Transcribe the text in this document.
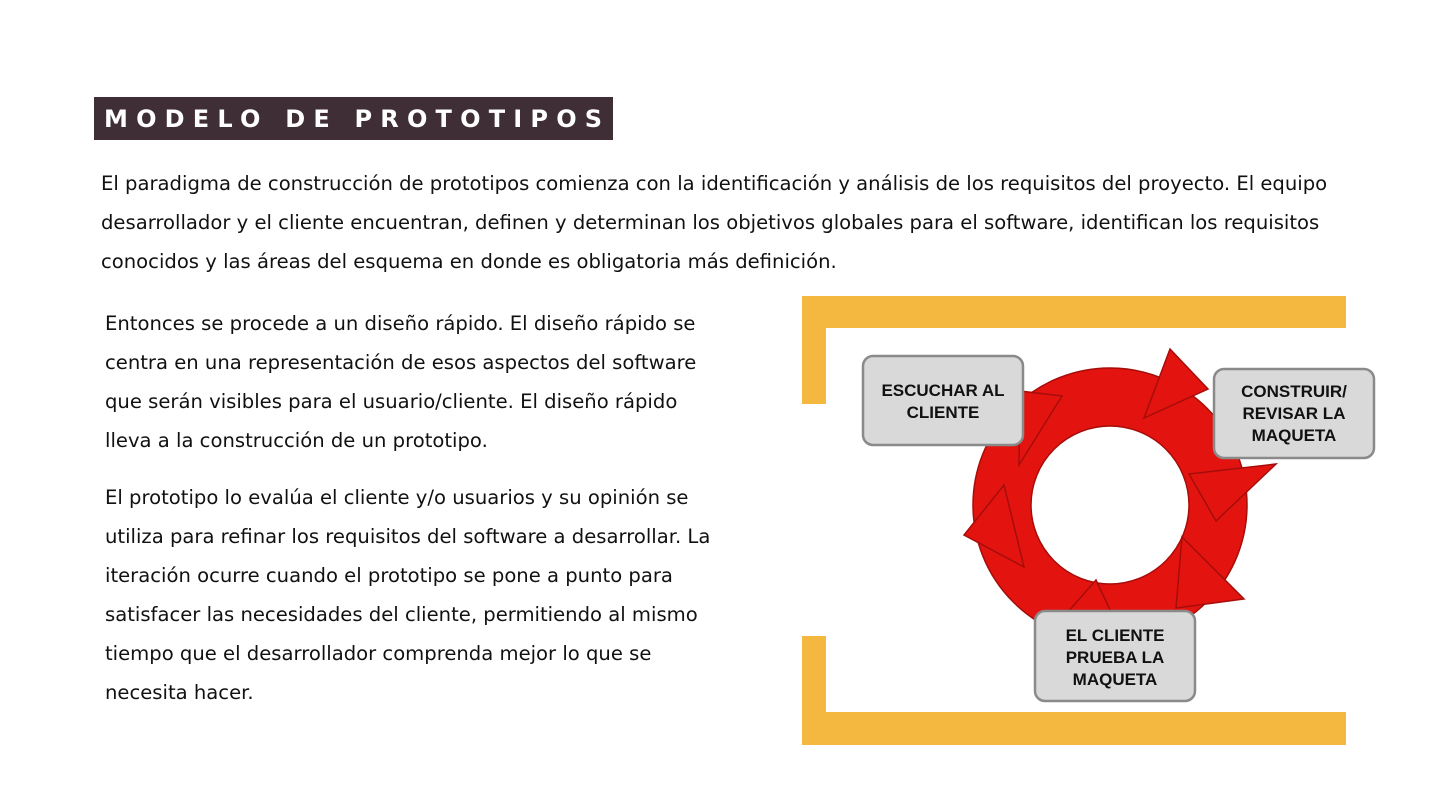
MODELO DE PROTOTIPOS

El paradigma de construcción de prototipos comienza con la identificación y análisis de los requisitos del proyecto. El equipo desarrollador y el cliente encuentran, definen y determinan los objetivos globales para el software, identifican los requisitos conocidos y las áreas del esquema en donde es obligatoria más definición.

Entonces se procede a un diseño rápido. El diseño rápido se centra en una representación de esos aspectos del software que serán visibles para el usuario/cliente. El diseño rápido lleva a la construcción de un prototipo.

El prototipo lo evalúa el cliente y/o usuarios y su opinión se utiliza para refinar los requisitos del software a desarrollar. La iteración ocurre cuando el prototipo se pone a punto para satisfacer las necesidades del cliente, permitiendo al mismo tiempo que el desarrollador comprenda mejor lo que se necesita hacer.

ESCUCHAR AL
CLIENTE
CONSTRUIR/
REVISAR LA
MAQUETA
EL CLIENTE
PRUEBA LA
MAQUETA
